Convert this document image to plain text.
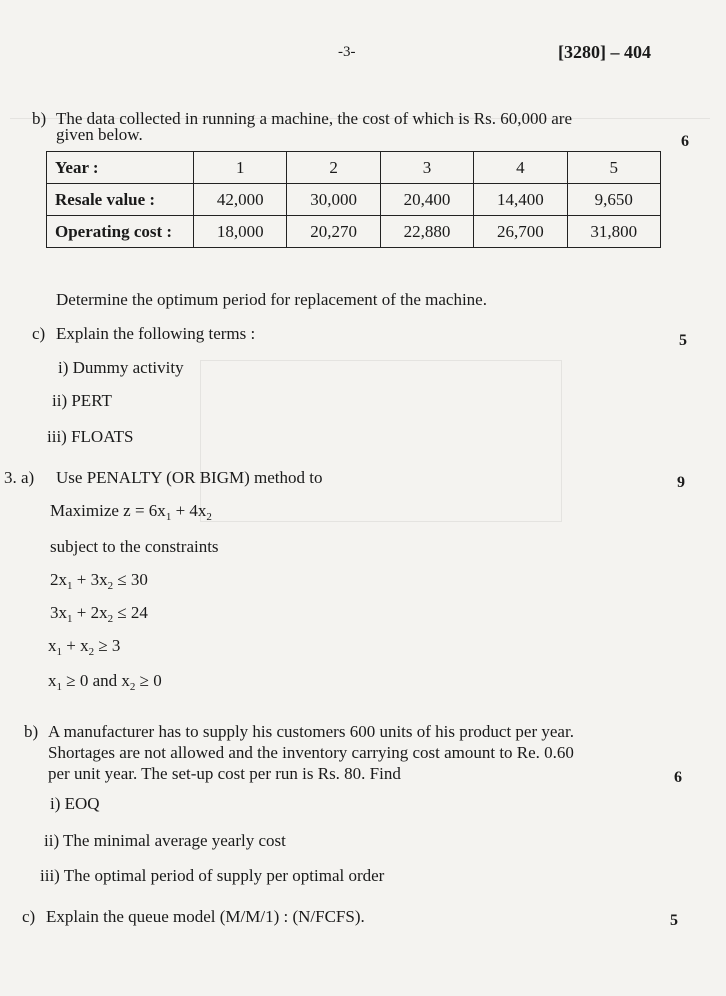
-3-	[3280] – 404
b) The data collected in running a machine, the cost of which is Rs. 60,000 are
given below.	6
Year :	1	2	3	4	5
Resale value :	42,000	30,000	20,400	14,400	9,650
Operating cost :	18,000	20,270	22,880	26,700	31,800
Determine the optimum period for replacement of the machine.
c) Explain the following terms :	5
i) Dummy activity
ii) PERT
iii) FLOATS
3. a) Use PENALTY (OR BIGM) method to	9
Maximize $z = 6x_1 + 4x_2$
subject to the constraints
$2x_1 + 3x_2 \le 30$
$3x_1 + 2x_2 \le 24$
$x_1 + x_2 \ge 3$
$x_1 \ge 0$ and $x_2 \ge 0$
b) A manufacturer has to supply his customers 600 units of his product per year.
Shortages are not allowed and the inventory carrying cost amount to Re. 0.60
per unit year. The set-up cost per run is Rs. 80. Find	6
i) EOQ
ii) The minimal average yearly cost
iii) The optimal period of supply per optimal order
c) Explain the queue model (M/M/1) : (N/FCFS).	5
